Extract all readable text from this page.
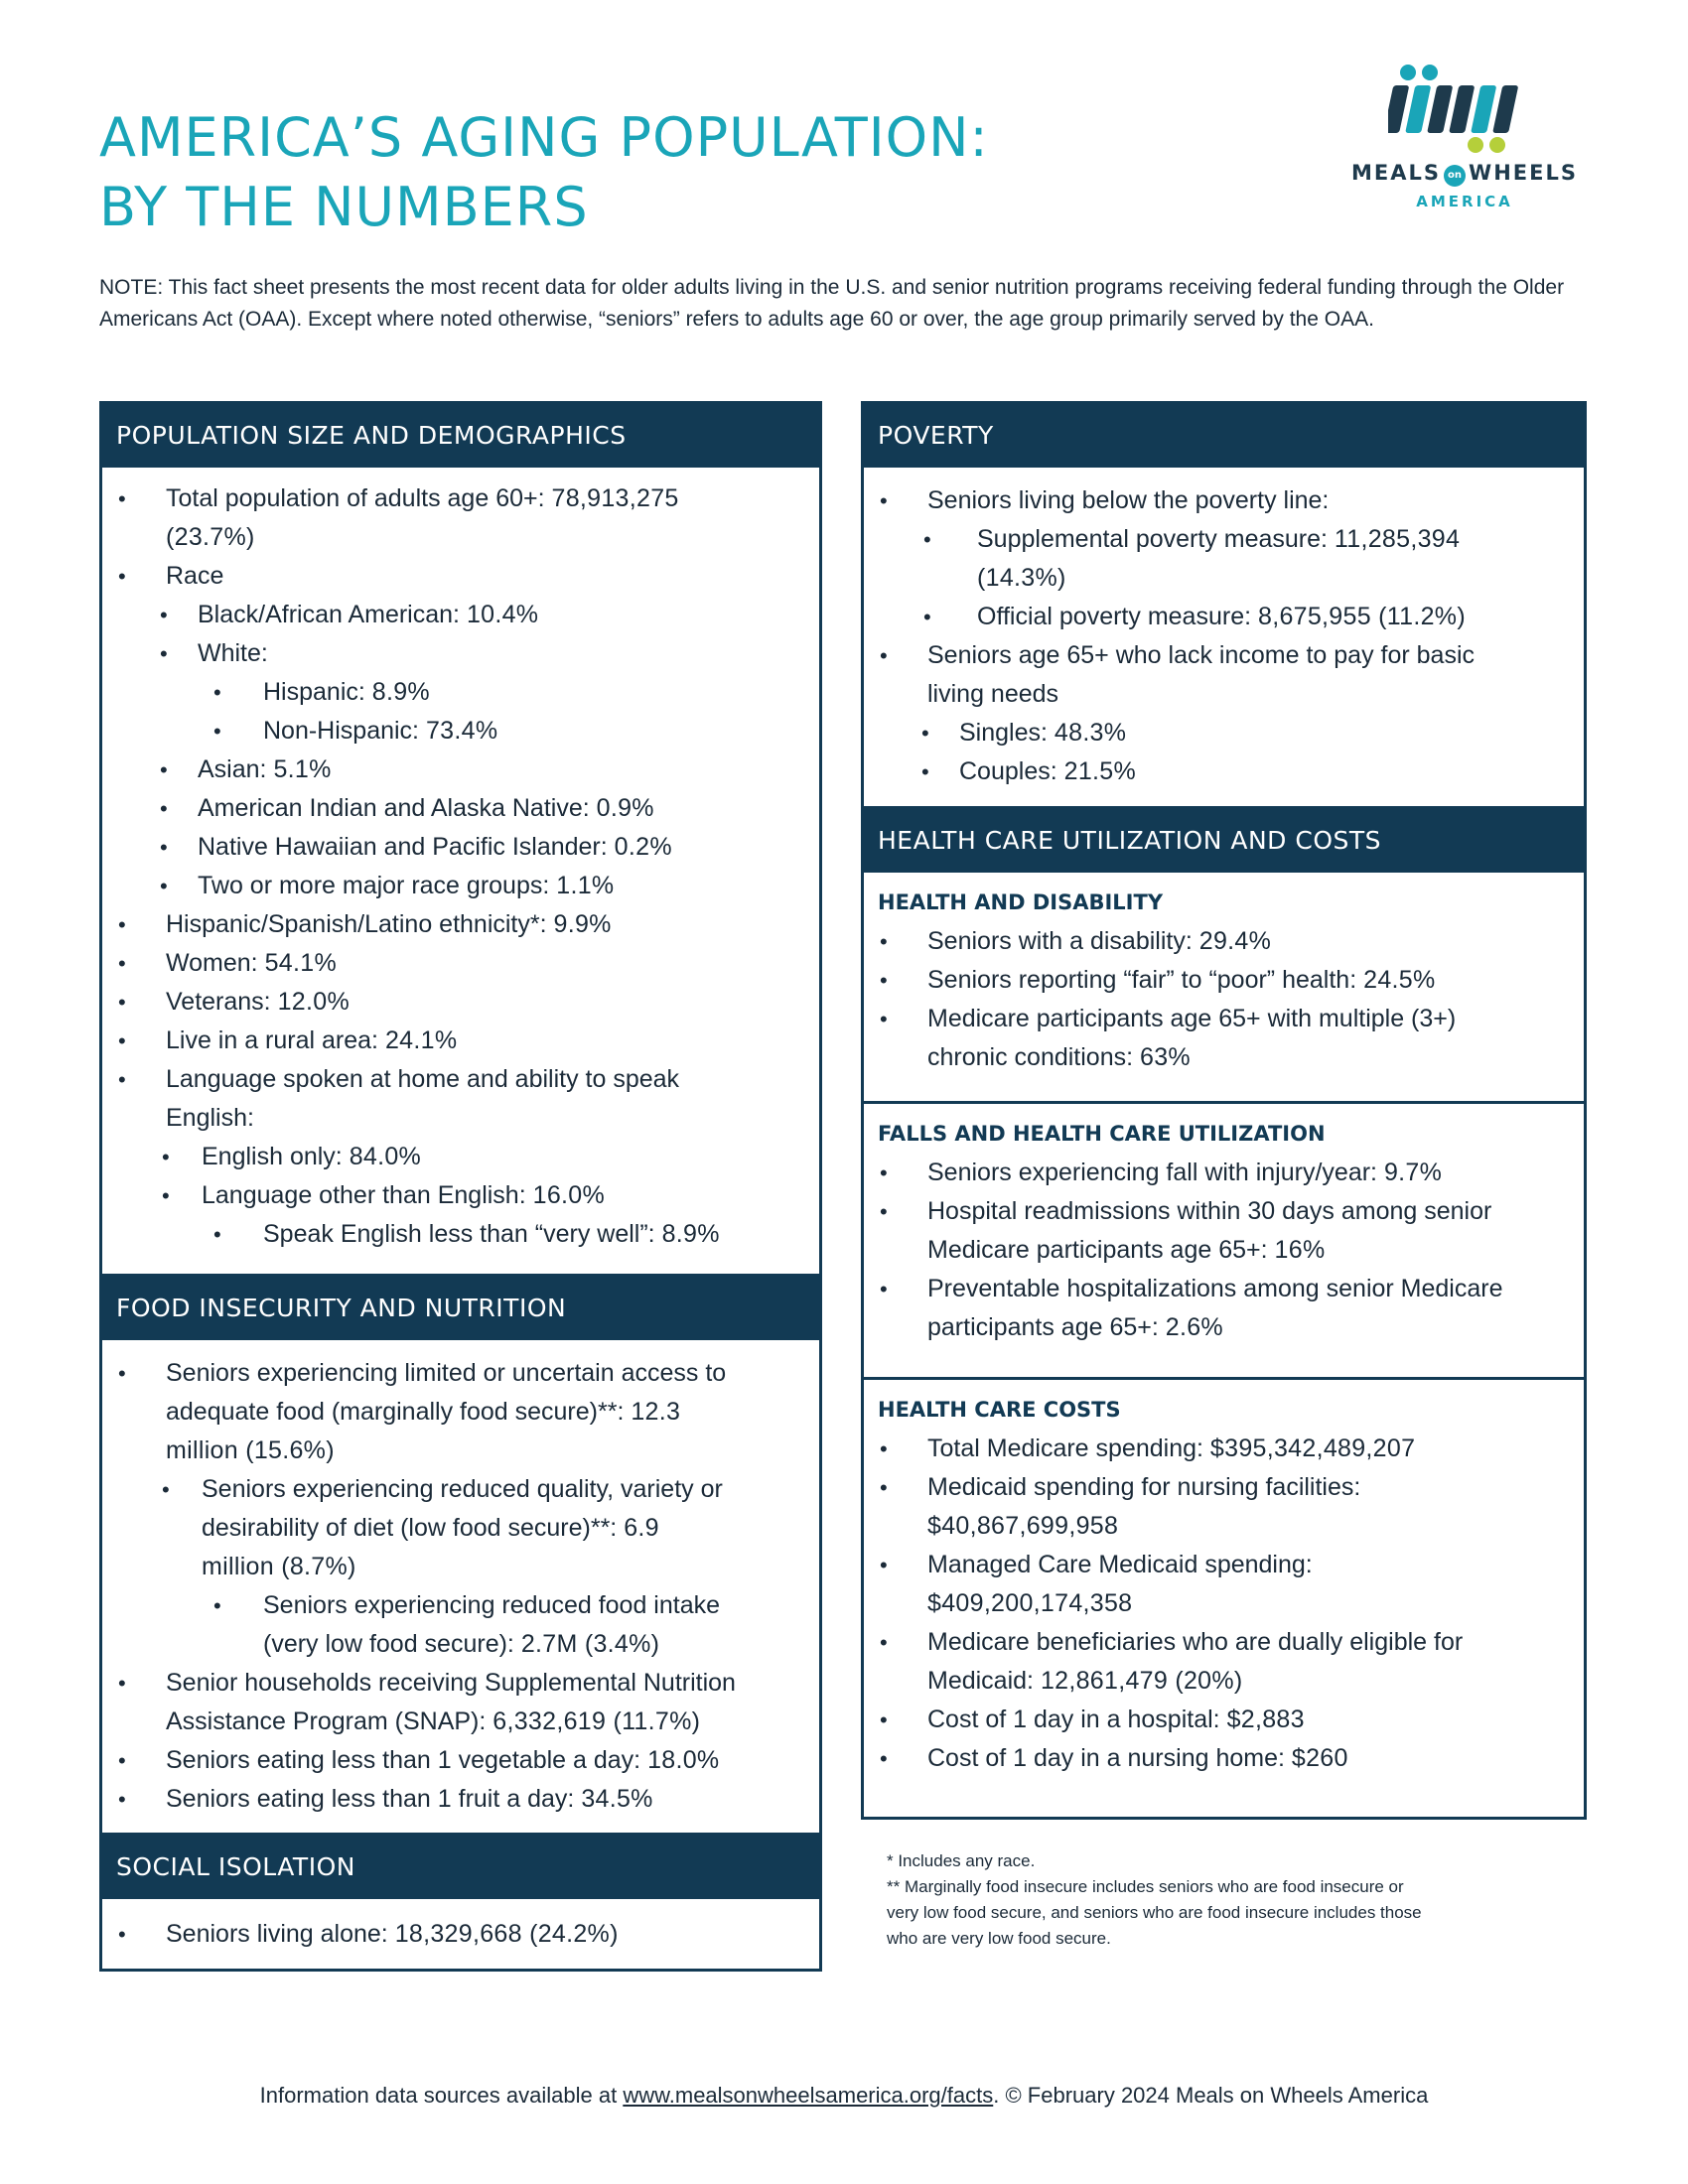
AMERICA’S AGING POPULATION:
BY THE NUMBERS
MEALS on WHEELS
AMERICA
NOTE: This fact sheet presents the most recent data for older adults living in the U.S. and senior nutrition programs receiving federal funding through the Older Americans Act (OAA). Except where noted otherwise, “seniors” refers to adults age 60 or over, the age group primarily served by the OAA.
POPULATION SIZE AND DEMOGRAPHICS
• Total population of adults age 60+: 78,913,275
(23.7%)
• Race
• Black/African American: 10.4%
• White:
• Hispanic: 8.9%
• Non-Hispanic: 73.4%
• Asian: 5.1%
• American Indian and Alaska Native: 0.9%
• Native Hawaiian and Pacific Islander: 0.2%
• Two or more major race groups: 1.1%
• Hispanic/Spanish/Latino ethnicity*: 9.9%
• Women: 54.1%
• Veterans: 12.0%
• Live in a rural area: 24.1%
• Language spoken at home and ability to speak
English:
• English only: 84.0%
• Language other than English: 16.0%
• Speak English less than “very well”: 8.9%
FOOD INSECURITY AND NUTRITION
• Seniors experiencing limited or uncertain access to
adequate food (marginally food secure)**: 12.3
million (15.6%)
• Seniors experiencing reduced quality, variety or
desirability of diet (low food secure)**: 6.9
million (8.7%)
• Seniors experiencing reduced food intake
(very low food secure): 2.7M (3.4%)
• Senior households receiving Supplemental Nutrition
Assistance Program (SNAP): 6,332,619 (11.7%)
• Seniors eating less than 1 vegetable a day: 18.0%
• Seniors eating less than 1 fruit a day: 34.5%
SOCIAL ISOLATION
• Seniors living alone: 18,329,668 (24.2%)
POVERTY
• Seniors living below the poverty line:
• Supplemental poverty measure: 11,285,394
(14.3%)
• Official poverty measure: 8,675,955 (11.2%)
• Seniors age 65+ who lack income to pay for basic
living needs
• Singles: 48.3%
• Couples: 21.5%
HEALTH CARE UTILIZATION AND COSTS
HEALTH AND DISABILITY
• Seniors with a disability: 29.4%
• Seniors reporting “fair” to “poor” health: 24.5%
• Medicare participants age 65+ with multiple (3+)
chronic conditions: 63%
FALLS AND HEALTH CARE UTILIZATION
• Seniors experiencing fall with injury/year: 9.7%
• Hospital readmissions within 30 days among senior
Medicare participants age 65+: 16%
• Preventable hospitalizations among senior Medicare
participants age 65+: 2.6%
HEALTH CARE COSTS
• Total Medicare spending: $395,342,489,207
• Medicaid spending for nursing facilities:
$40,867,699,958
• Managed Care Medicaid spending:
$409,200,174,358
• Medicare beneficiaries who are dually eligible for
Medicaid: 12,861,479 (20%)
• Cost of 1 day in a hospital: $2,883
• Cost of 1 day in a nursing home: $260
* Includes any race.
** Marginally food insecure includes seniors who are food insecure or
very low food secure, and seniors who are food insecure includes those
who are very low food secure.
Information data sources available at www.mealsonwheelsamerica.org/facts. © February 2024 Meals on Wheels America
